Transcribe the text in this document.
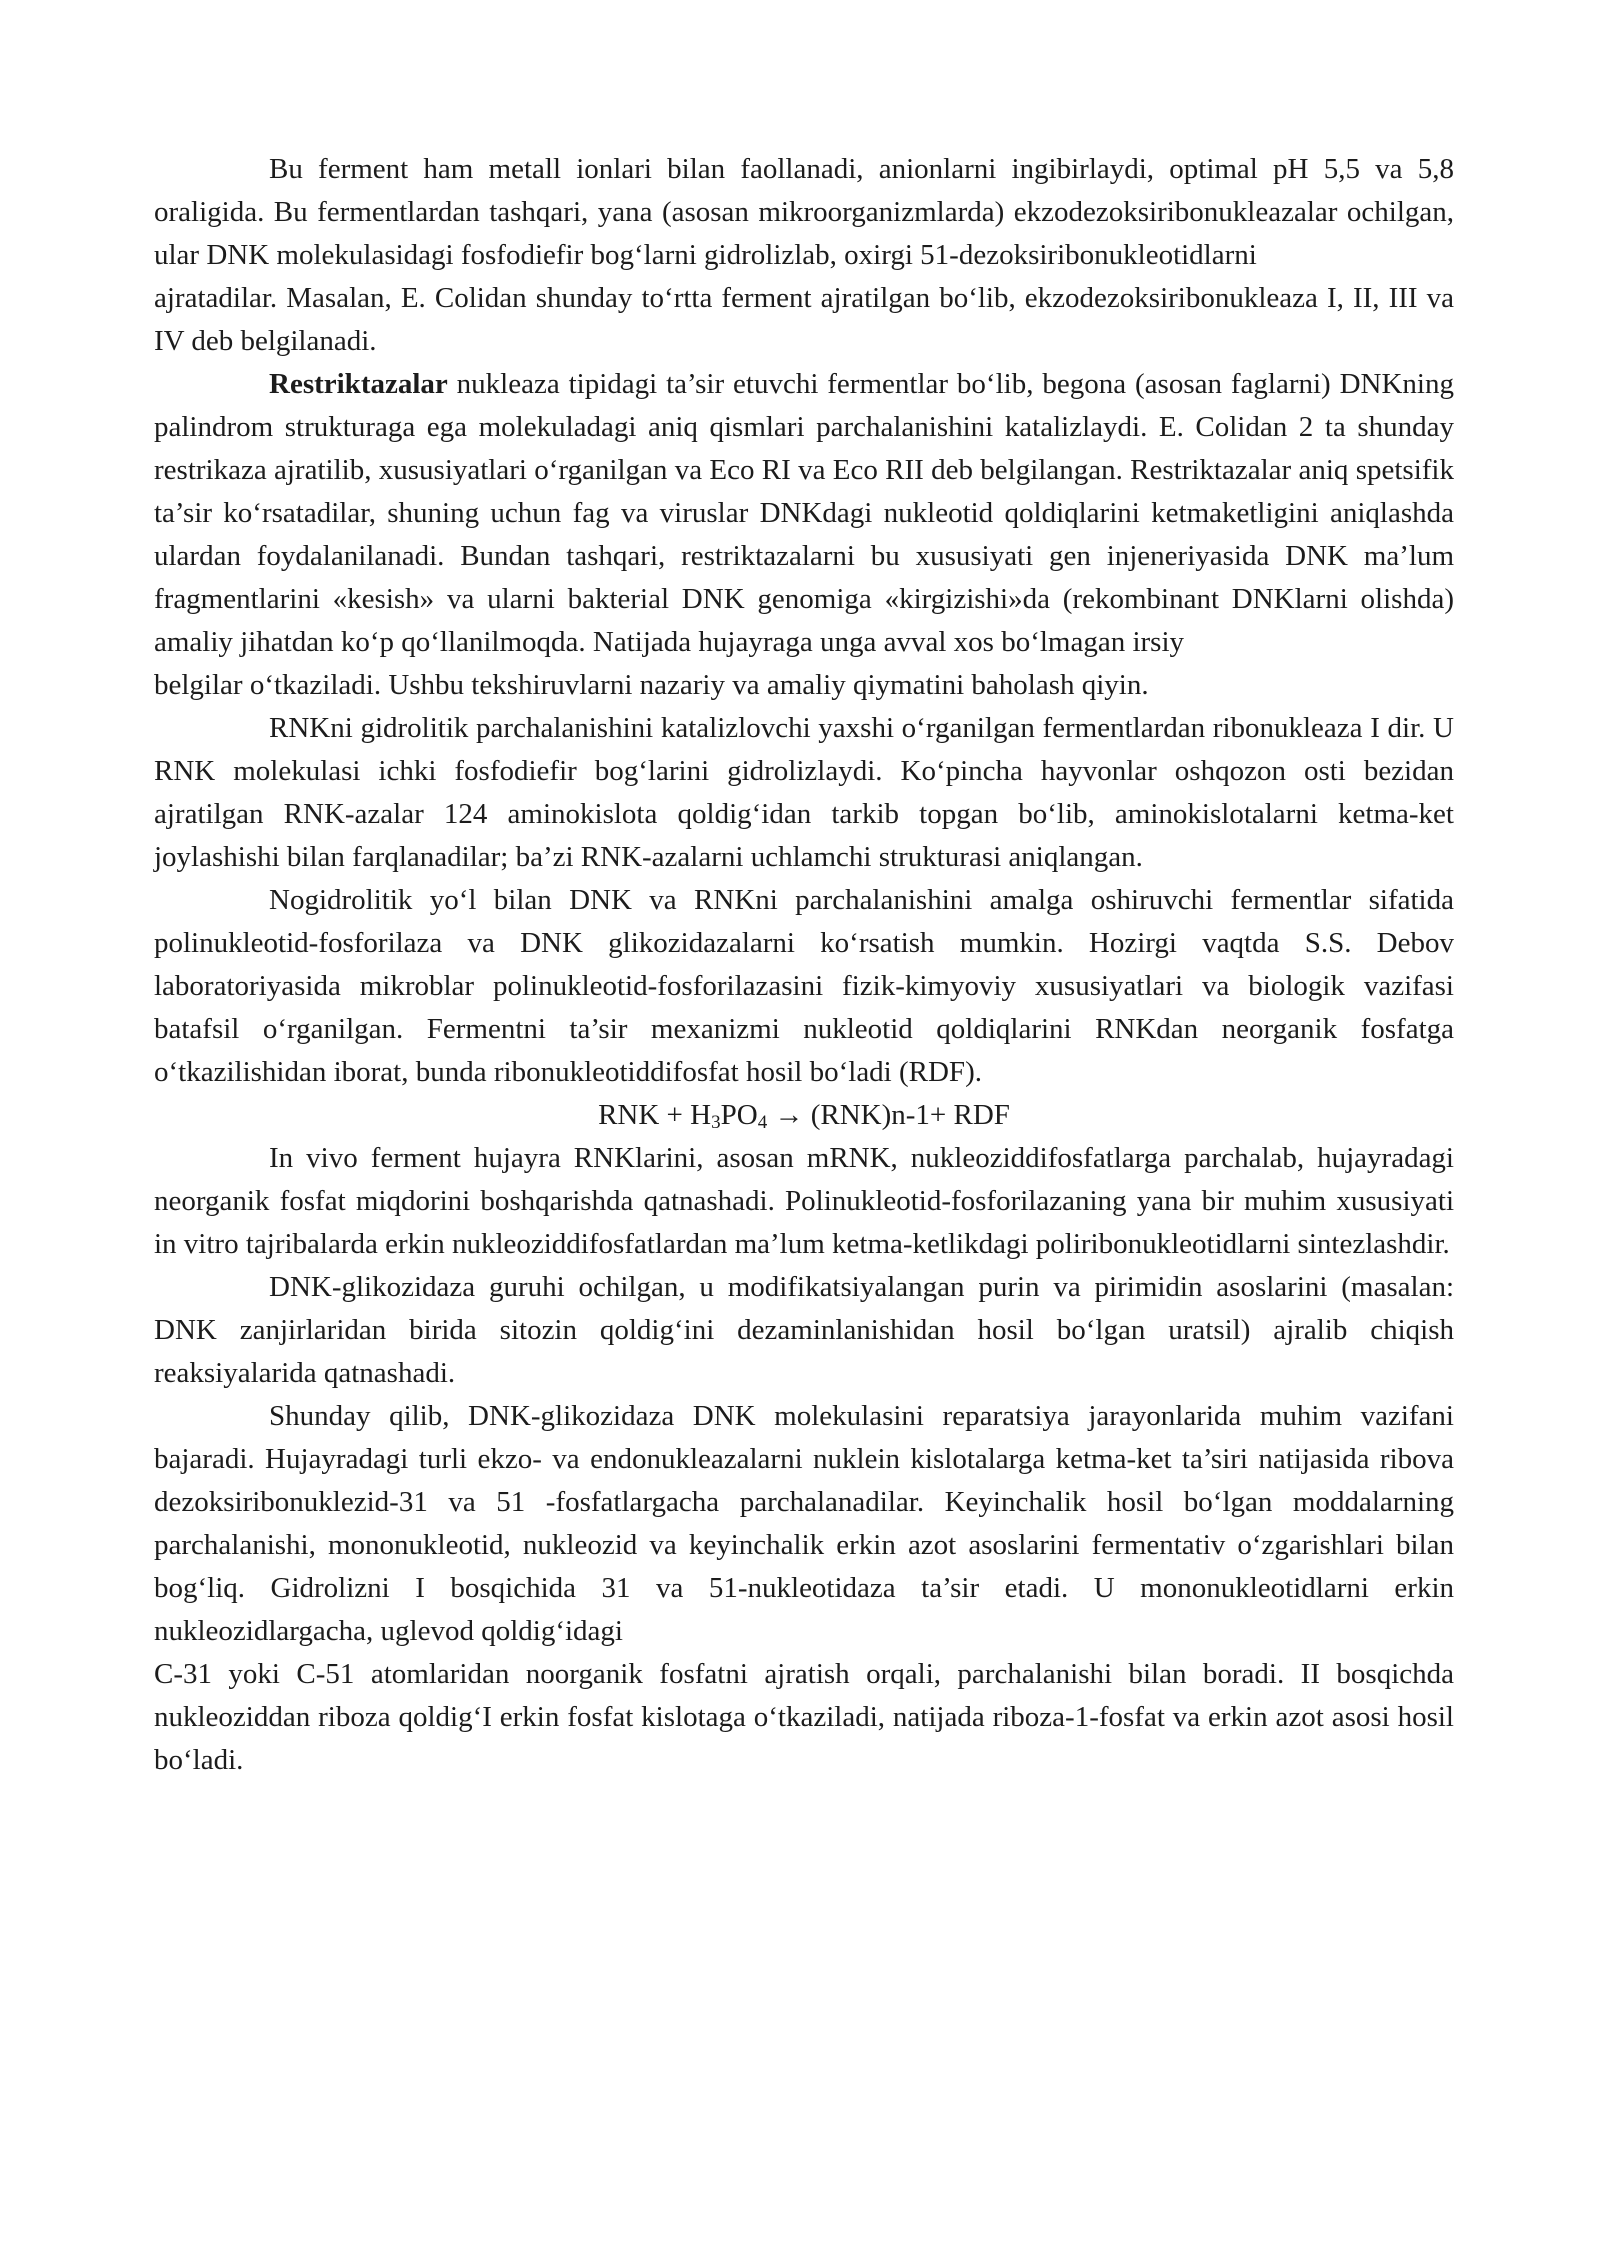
Bu ferment ham metall ionlari bilan faollanadi, anionlarni ingibirlaydi, optimal pH 5,5 va 5,8 oraligida. Bu fermentlardan tashqari, yana (asosan mikroorganizmlarda) ekzodezoksiribonukleazalar ochilgan, ular DNK molekulasidagi fosfodiefir bog‘larni gidrolizlab, oxirgi 51-dezoksiribonukleotidlarni

ajratadilar. Masalan, E. Colidan shunday to‘rtta ferment ajratilgan bo‘lib, ekzodezoksiribonukleaza I, II, III va IV deb belgilanadi.

Restriktazalar nukleaza tipidagi ta’sir etuvchi fermentlar bo‘lib, begona (asosan faglarni) DNKning palindrom strukturaga ega molekuladagi aniq qismlari parchalanishini katalizlaydi. E. Colidan 2 ta shunday restrikaza ajratilib, xususiyatlari o‘rganilgan va Eco RI va Eco RII deb belgilangan. Restriktazalar aniq spetsifik ta’sir ko‘rsatadilar, shuning uchun fag va viruslar DNKdagi nukleotid qoldiqlarini ketmaketligini aniqlashda ulardan foydalanilanadi. Bundan tashqari, restriktazalarni bu xususiyati gen injeneriyasida DNK ma’lum fragmentlarini «kesish» va ularni bakterial DNK genomiga «kirgizishi»da (rekombinant DNKlarni olishda) amaliy jihatdan ko‘p qo‘llanilmoqda. Natijada hujayraga unga avval xos bo‘lmagan irsiy

belgilar o‘tkaziladi. Ushbu tekshiruvlarni nazariy va amaliy qiymatini baholash qiyin.

RNKni gidrolitik parchalanishini katalizlovchi yaxshi o‘rganilgan fermentlardan ribonukleaza I dir. U RNK molekulasi ichki fosfodiefir bog‘larini gidrolizlaydi. Ko‘pincha hayvonlar oshqozon osti bezidan ajratilgan RNK-azalar 124 aminokislota qoldig‘idan tarkib topgan bo‘lib, aminokislotalarni ketma-ket joylashishi bilan farqlanadilar; ba’zi RNK-azalarni uchlamchi strukturasi aniqlangan.

Nogidrolitik yo‘l bilan DNK va RNKni parchalanishini amalga oshiruvchi fermentlar sifatida polinukleotid-fosforilaza va DNK glikozidazalarni ko‘rsatish mumkin. Hozirgi vaqtda S.S. Debov laboratoriyasida mikroblar polinukleotid-fosforilazasini fizik-kimyoviy xususiyatlari va biologik vazifasi batafsil o‘rganilgan. Fermentni ta’sir mexanizmi nukleotid qoldiqlarini RNKdan neorganik fosfatga o‘tkazilishidan iborat, bunda ribonukleotiddifosfat hosil bo‘ladi (RDF).

RNK + $H_3PO_4 \to (RNK)n-1+$ RDF

In vivo ferment hujayra RNKlarini, asosan mRNK, nukleoziddifosfatlarga parchalab, hujayradagi neorganik fosfat miqdorini boshqarishda qatnashadi. Polinukleotid-fosforilazaning yana bir muhim xususiyati in vitro tajribalarda erkin nukleoziddifosfatlardan ma’lum ketma-ketlikdagi poliribonukleotidlarni sintezlashdir.

DNK-glikozidaza guruhi ochilgan, u modifikatsiyalangan purin va pirimidin asoslarini (masalan: DNK zanjirlaridan birida sitozin qoldig‘ini dezaminlanishidan hosil bo‘lgan uratsil) ajralib chiqish reaksiyalarida qatnashadi.

Shunday qilib, DNK-glikozidaza DNK molekulasini reparatsiya jarayonlarida muhim vazifani bajaradi. Hujayradagi turli ekzo- va endonukleazalarni nuklein kislotalarga ketma-ket ta’siri natijasida ribova dezoksiribonuklezid-31 va 51 -fosfatlargacha parchalanadilar. Keyinchalik hosil bo‘lgan moddalarning parchalanishi, mononukleotid, nukleozid va keyinchalik erkin azot asoslarini fermentativ o‘zgarishlari bilan bog‘liq. Gidrolizni I bosqichida 31 va 51-nukleotidaza ta’sir etadi. U mononukleotidlarni erkin nukleozidlargacha, uglevod qoldig‘idagi

C-31 yoki C-51 atomlaridan noorganik fosfatni ajratish orqali, parchalanishi bilan boradi. II bosqichda nukleoziddan riboza qoldig‘I erkin fosfat kislotaga o‘tkaziladi, natijada riboza-1-fosfat va erkin azot asosi hosil bo‘ladi.
